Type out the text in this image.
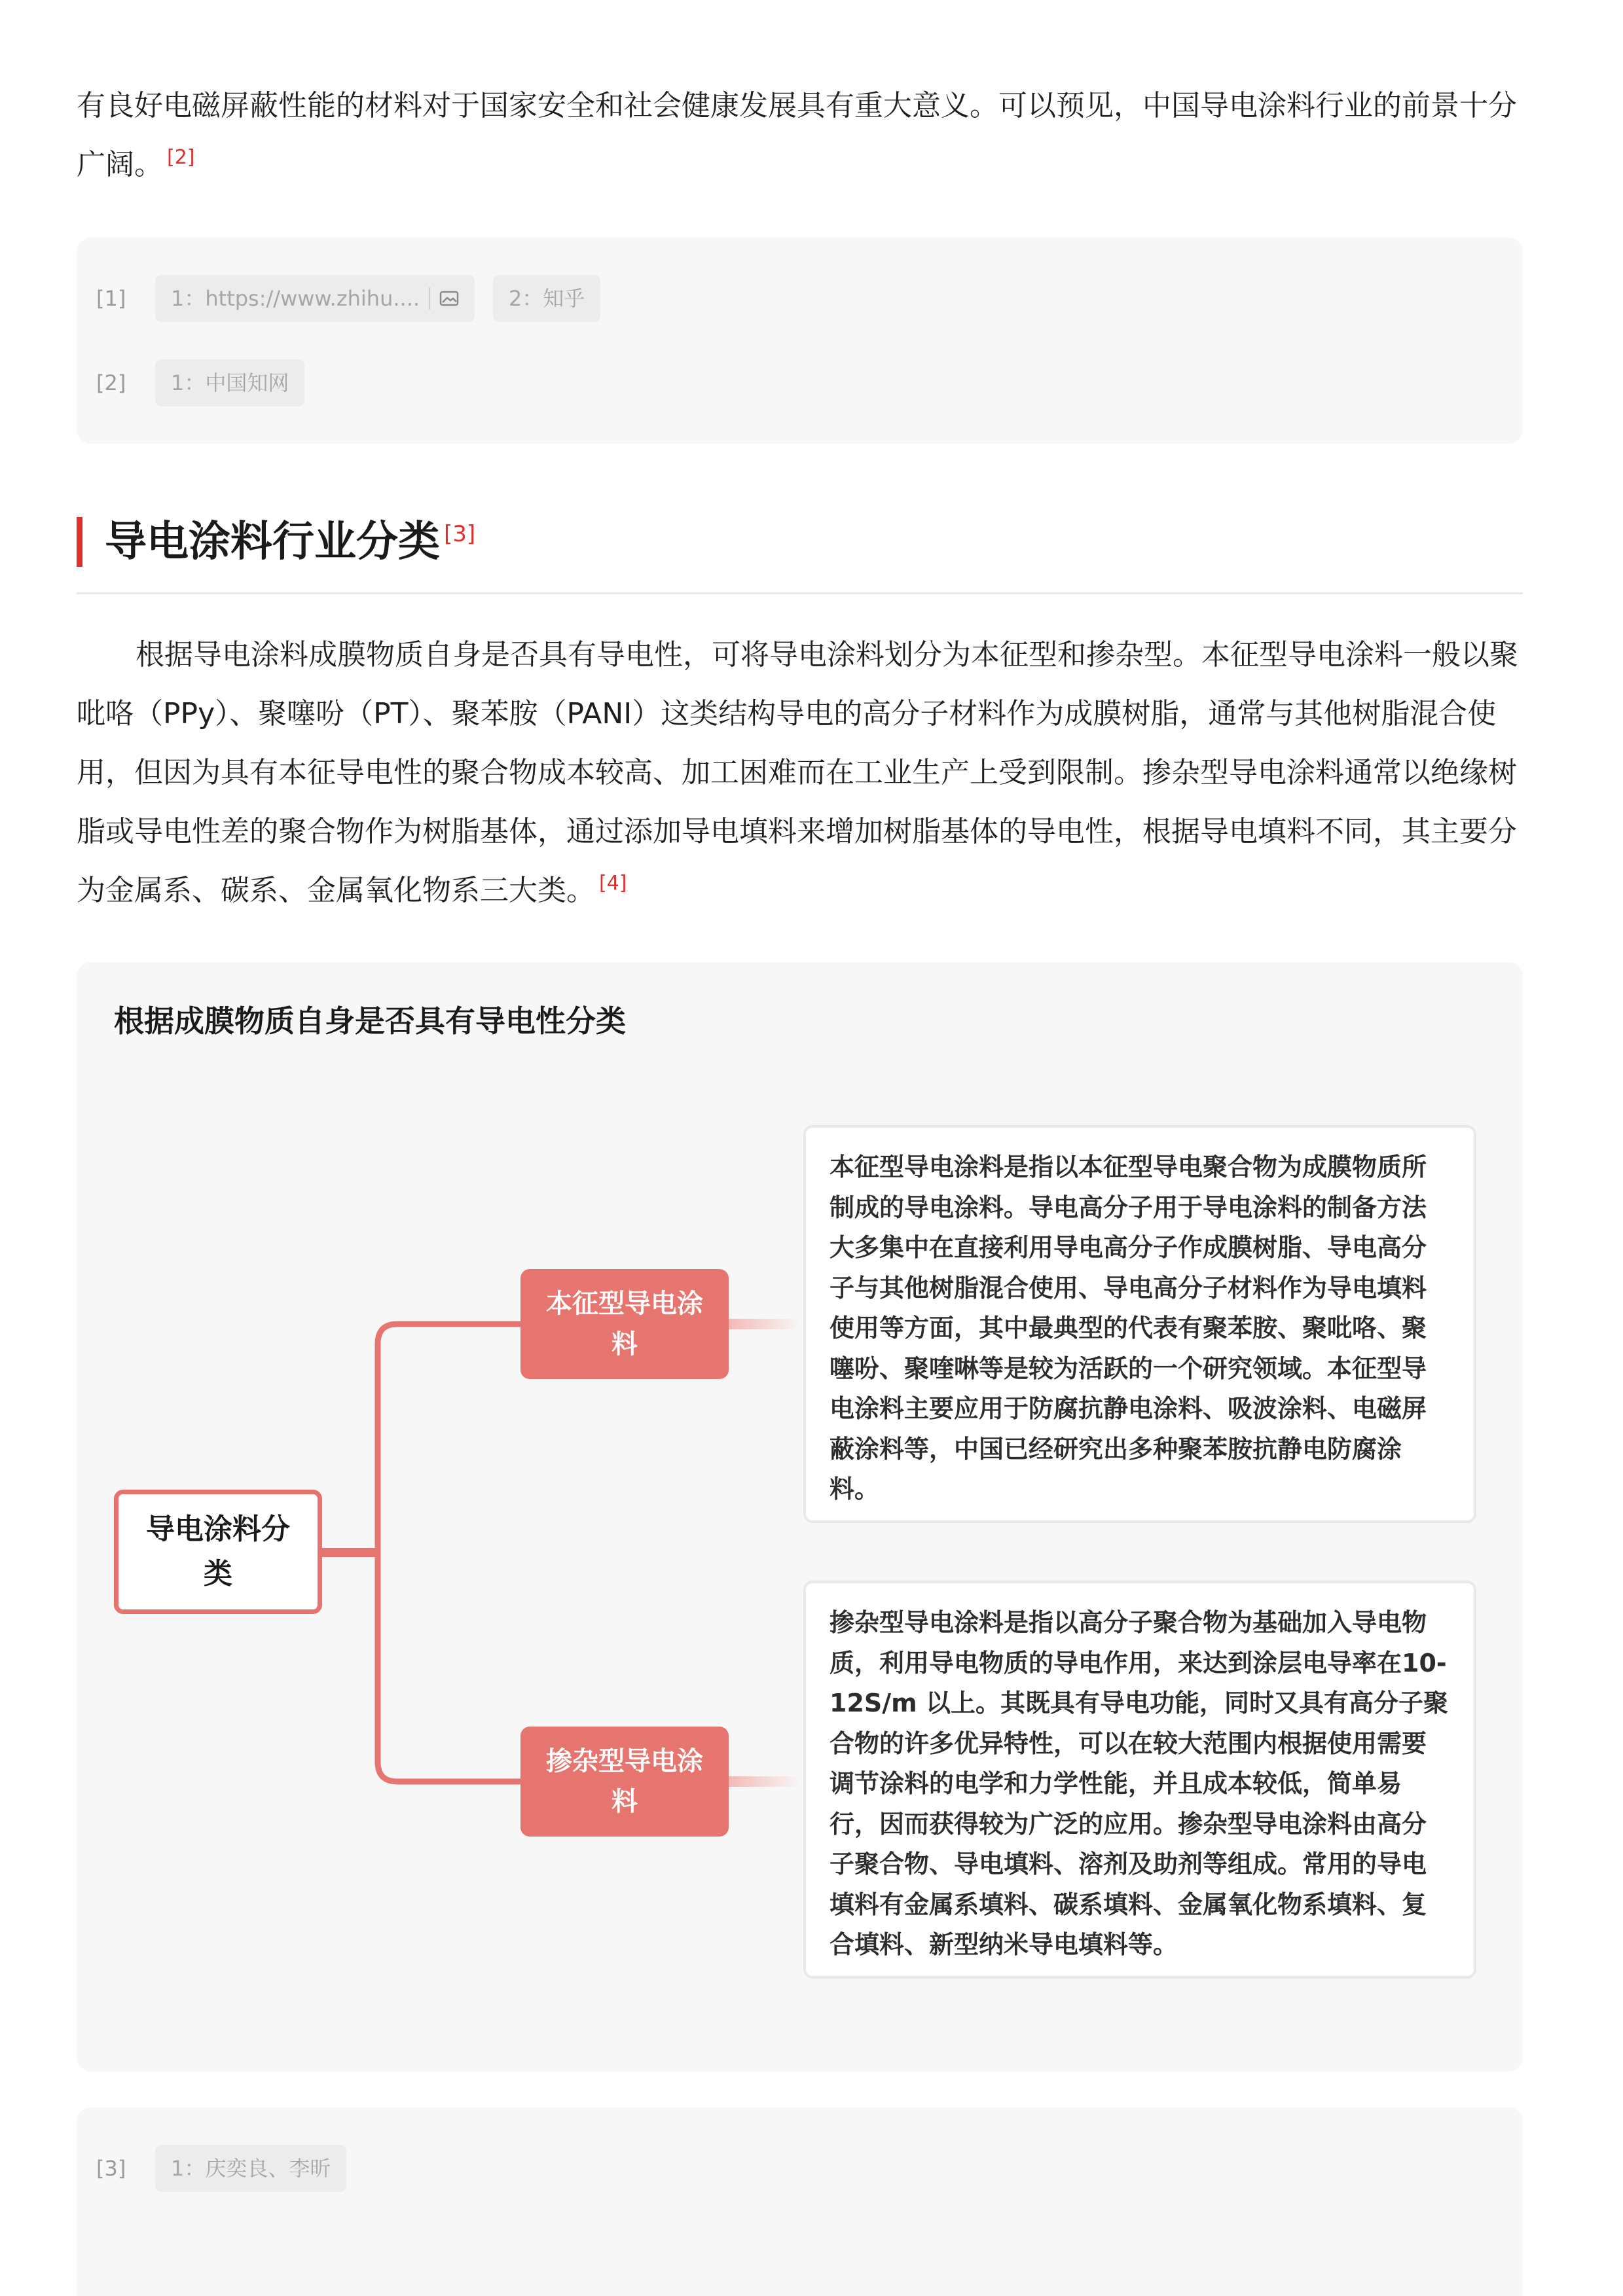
有良好电磁屏蔽性能的材料对于国家安全和社会健康发展具有重大意义。可以预见，中国导电涂料行业的前景十分广阔。 [2]

[1]	1：https://www.zhihu....	2：知乎
[2]	1：中国知网
导电涂料行业分类 [3]

根据导电涂料成膜物质自身是否具有导电性，可将导电涂料划分为本征型和掺杂型。本征型导电涂料一般以聚吡咯（PPy）、聚噻吩（PT）、聚苯胺（PANI）这类结构导电的高分子材料作为成膜树脂，通常与其他树脂混合使用，但因为具有本征导电性的聚合物成本较高、加工困难而在工业生产上受到限制。掺杂型导电涂料通常以绝缘树脂或导电性差的聚合物作为树脂基体，通过添加导电填料来增加树脂基体的导电性，根据导电填料不同，其主要分为金属系、碳系、金属氧化物系三大类。 [4]

根据成膜物质自身是否具有导电性分类
导电涂料分类
本征型导电涂料
掺杂型导电涂料
本征型导电涂料是指以本征型导电聚合物为成膜物质所制成的导电涂料。导电高分子用于导电涂料的制备方法大多集中在直接利用导电高分子作成膜树脂、导电高分子与其他树脂混合使用、导电高分子材料作为导电填料使用等方面，其中最典型的代表有聚苯胺、聚吡咯、聚噻吩、聚喹啉等是较为活跃的一个研究领域。本征型导电涂料主要应用于防腐抗静电涂料、吸波涂料、电磁屏蔽涂料等，中国已经研究出多种聚苯胺抗静电防腐涂料。
掺杂型导电涂料是指以高分子聚合物为基础加入导电物质，利用导电物质的导电作用，来达到涂层电导率在10-12S/m 以上。其既具有导电功能，同时又具有高分子聚合物的许多优异特性，可以在较大范围内根据使用需要调节涂料的电学和力学性能，并且成本较低，简单易行，因而获得较为广泛的应用。掺杂型导电涂料由高分子聚合物、导电填料、溶剂及助剂等组成。常用的导电填料有金属系填料、碳系填料、金属氧化物系填料、复合填料、新型纳米导电填料等。
[3]	1：庆奕良、李昕
